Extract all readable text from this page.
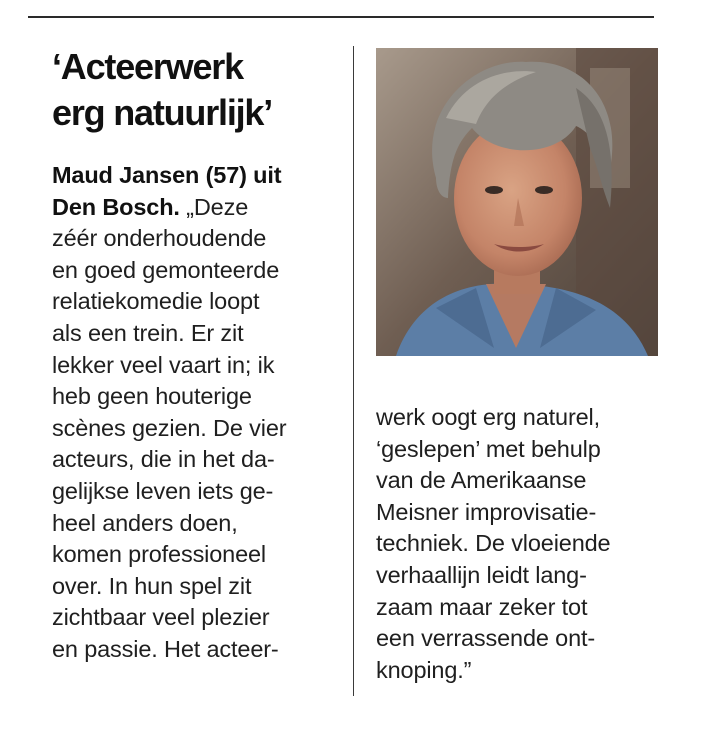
‘Acteerwerk
erg natuurlijk’
Maud Jansen (57) uit
Den Bosch. „Deze
zéér onderhoudende
en goed gemonteerde
relatiekomedie loopt
als een trein. Er zit
lekker veel vaart in; ik
heb geen houterige
scènes gezien. De vier
acteurs, die in het da-
gelijkse leven iets ge-
heel anders doen,
komen professioneel
over. In hun spel zit
zichtbaar veel plezier
en passie. Het acteer-
werk oogt erg naturel,
‘geslepen’ met behulp
van de Amerikaanse
Meisner improvisatie-
techniek. De vloeiende
verhaallijn leidt lang-
zaam maar zeker tot
een verrassende ont-
knoping.”
